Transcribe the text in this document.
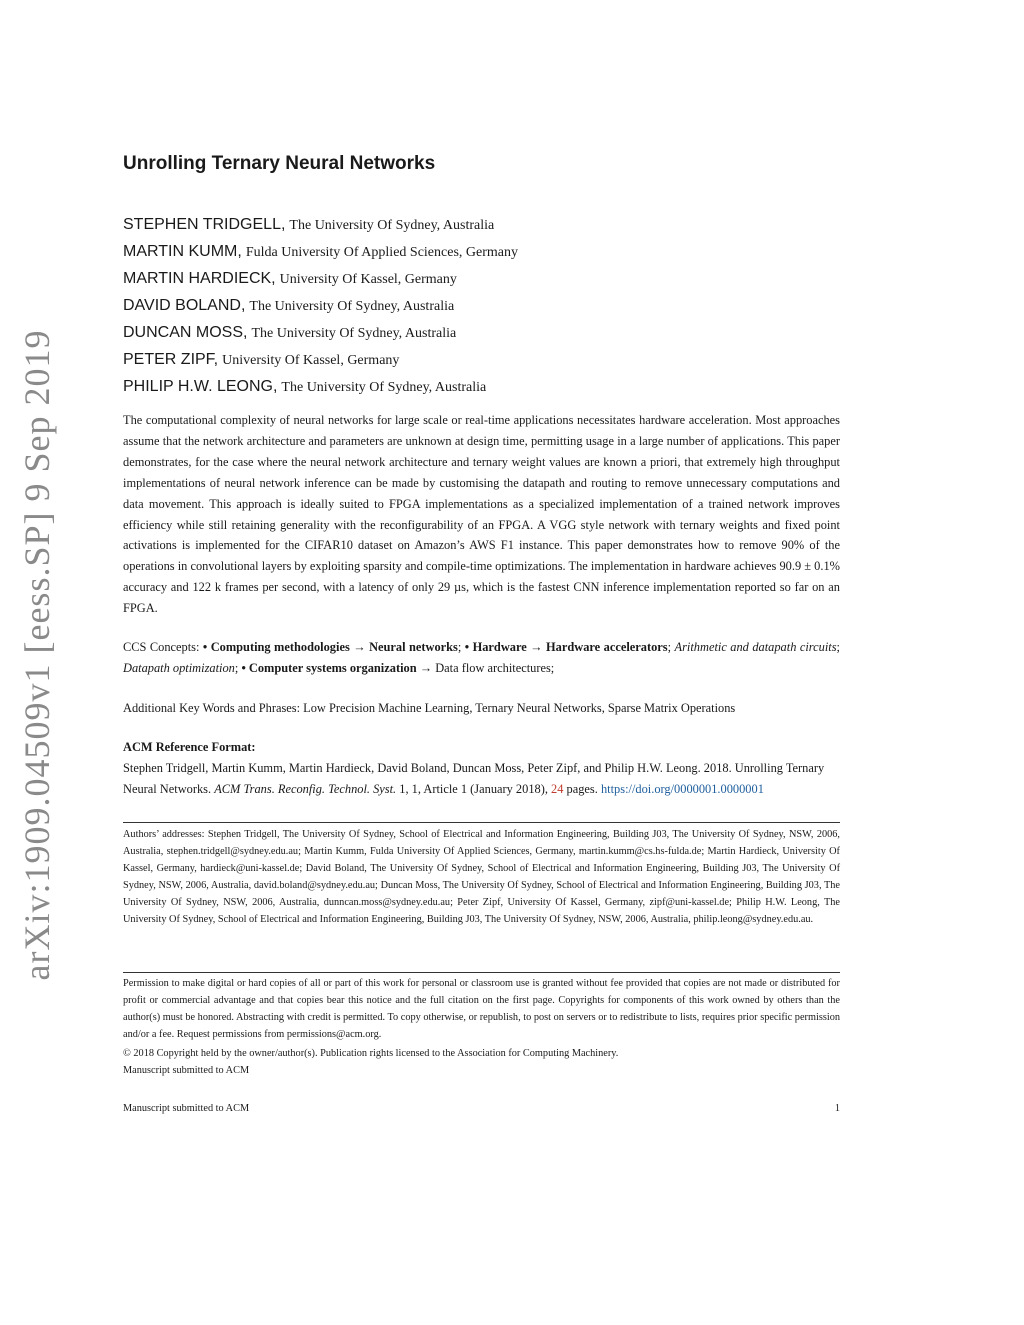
arXiv:1909.04509v1 [eess.SP] 9 Sep 2019
Unrolling Ternary Neural Networks
STEPHEN TRIDGELL, The University Of Sydney, Australia
MARTIN KUMM, Fulda University Of Applied Sciences, Germany
MARTIN HARDIECK, University Of Kassel, Germany
DAVID BOLAND, The University Of Sydney, Australia
DUNCAN MOSS, The University Of Sydney, Australia
PETER ZIPF, University Of Kassel, Germany
PHILIP H.W. LEONG, The University Of Sydney, Australia
The computational complexity of neural networks for large scale or real-time applications necessitates hardware acceleration. Most approaches assume that the network architecture and parameters are unknown at design time, permitting usage in a large number of applications. This paper demonstrates, for the case where the neural network architecture and ternary weight values are known a priori, that extremely high throughput implementations of neural network inference can be made by customising the datapath and routing to remove unnecessary computations and data movement. This approach is ideally suited to FPGA implementations as a specialized implementation of a trained network improves efficiency while still retaining generality with the reconfigurability of an FPGA. A VGG style network with ternary weights and fixed point activations is implemented for the CIFAR10 dataset on Amazon’s AWS F1 instance. This paper demonstrates how to remove 90% of the operations in convolutional layers by exploiting sparsity and compile-time optimizations. The implementation in hardware achieves 90.9 ± 0.1% accuracy and 122 k frames per second, with a latency of only 29 µs, which is the fastest CNN inference implementation reported so far on an FPGA.
CCS Concepts: • Computing methodologies → Neural networks; • Hardware → Hardware accelerators; Arithmetic and datapath circuits; Datapath optimization; • Computer systems organization → Data flow architectures;
Additional Key Words and Phrases: Low Precision Machine Learning, Ternary Neural Networks, Sparse Matrix Operations
ACM Reference Format:
Stephen Tridgell, Martin Kumm, Martin Hardieck, David Boland, Duncan Moss, Peter Zipf, and Philip H.W. Leong. 2018. Unrolling Ternary Neural Networks. ACM Trans. Reconfig. Technol. Syst. 1, 1, Article 1 (January 2018), 24 pages. https://doi.org/0000001.0000001
Authors’ addresses: Stephen Tridgell, The University Of Sydney, School of Electrical and Information Engineering, Building J03, The University Of Sydney, NSW, 2006, Australia, stephen.tridgell@sydney.edu.au; Martin Kumm, Fulda University Of Applied Sciences, Germany, martin.kumm@cs.hs-fulda.de; Martin Hardieck, University Of Kassel, Germany, hardieck@uni-kassel.de; David Boland, The University Of Sydney, School of Electrical and Information Engineering, Building J03, The University Of Sydney, NSW, 2006, Australia, david.boland@sydney.edu.au; Duncan Moss, The University Of Sydney, School of Electrical and Information Engineering, Building J03, The University Of Sydney, NSW, 2006, Australia, dunncan.moss@sydney.edu.au; Peter Zipf, University Of Kassel, Germany, zipf@uni-kassel.de; Philip H.W. Leong, The University Of Sydney, School of Electrical and Information Engineering, Building J03, The University Of Sydney, NSW, 2006, Australia, philip.leong@sydney.edu.au.

Permission to make digital or hard copies of all or part of this work for personal or classroom use is granted without fee provided that copies are not made or distributed for profit or commercial advantage and that copies bear this notice and the full citation on the first page. Copyrights for components of this work owned by others than the author(s) must be honored. Abstracting with credit is permitted. To copy otherwise, or republish, to post on servers or to redistribute to lists, requires prior specific permission and/or a fee. Request permissions from permissions@acm.org.

© 2018 Copyright held by the owner/author(s). Publication rights licensed to the Association for Computing Machinery.

Manuscript submitted to ACM

Manuscript submitted to ACM	1
